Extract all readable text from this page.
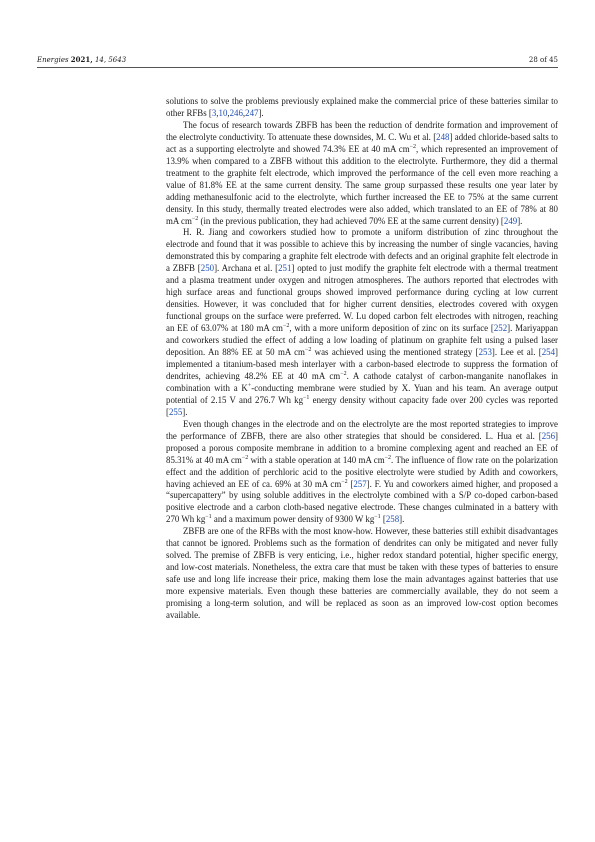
Energies 2021, 14, 5643	28 of 45

solutions to solve the problems previously explained make the commercial price of these batteries similar to other RFBs [3,10,246,247].

The focus of research towards ZBFB has been the reduction of dendrite formation and improvement of the electrolyte conductivity. To attenuate these downsides, M. C. Wu et al. [248] added chloride-based salts to act as a supporting electrolyte and showed 74.3% EE at 40 mA $cm^{-2}$, which represented an improvement of 13.9% when compared to a ZBFB without this addition to the electrolyte. Furthermore, they did a thermal treatment to the graphite felt electrode, which improved the performance of the cell even more reaching a value of 81.8% EE at the same current density. The same group surpassed these results one year later by adding methanesulfonic acid to the electrolyte, which further increased the EE to 75% at the same current density. In this study, thermally treated electrodes were also added, which translated to an EE of 78% at 80 mA $cm^{-2}$ (in the previous publication, they had achieved 70% EE at the same current density) [249].

H. R. Jiang and coworkers studied how to promote a uniform distribution of zinc throughout the electrode and found that it was possible to achieve this by increasing the number of single vacancies, having demonstrated this by comparing a graphite felt electrode with defects and an original graphite felt electrode in a ZBFB [250]. Archana et al. [251] opted to just modify the graphite felt electrode with a thermal treatment and a plasma treatment under oxygen and nitrogen atmospheres. The authors reported that electrodes with high surface areas and functional groups showed improved performance during cycling at low current densities. However, it was concluded that for higher current densities, electrodes covered with oxygen functional groups on the surface were preferred. W. Lu doped carbon felt electrodes with nitrogen, reaching an EE of 63.07% at 180 mA $cm^{-2}$, with a more uniform deposition of zinc on its surface [252]. Mariyappan and coworkers studied the effect of adding a low loading of platinum on graphite felt using a pulsed laser deposition. An 88% EE at 50 mA $cm^{-2}$ was achieved using the mentioned strategy [253]. Lee et al. [254] implemented a titanium-based mesh interlayer with a carbon-based electrode to suppress the formation of dendrites, achieving 48.2% EE at 40 mA $cm^{-2}$. A cathode catalyst of carbon-manganite nanoflakes in combination with a K+-conducting membrane were studied by X. Yuan and his team. An average output potential of 2.15 V and 276.7 Wh $kg^{-1}$ energy density without capacity fade over 200 cycles was reported [255].

Even though changes in the electrode and on the electrolyte are the most reported strategies to improve the performance of ZBFB, there are also other strategies that should be considered. L. Hua et al. [256] proposed a porous composite membrane in addition to a bromine complexing agent and reached an EE of 85.31% at 40 mA $cm^{-2}$ with a stable operation at 140 mA $cm^{-2}$. The influence of flow rate on the polarization effect and the addition of perchloric acid to the positive electrolyte were studied by Adith and coworkers, having achieved an EE of ca. 69% at 30 mA $cm^{-2}$ [257]. F. Yu and coworkers aimed higher, and proposed a “supercapattery” by using soluble additives in the electrolyte combined with a S/P co-doped carbon-based positive electrode and a carbon cloth-based negative electrode. These changes culminated in a battery with 270 Wh $kg^{-1}$ and a maximum power density of 9300 W $kg^{-1}$ [258].

ZBFB are one of the RFBs with the most know-how. However, these batteries still exhibit disadvantages that cannot be ignored. Problems such as the formation of dendrites can only be mitigated and never fully solved. The premise of ZBFB is very enticing, i.e., higher redox standard potential, higher specific energy, and low-cost materials. Nonetheless, the extra care that must be taken with these types of batteries to ensure safe use and long life increase their price, making them lose the main advantages against batteries that use more expensive materials. Even though these batteries are commercially available, they do not seem a promising a long-term solution, and will be replaced as soon as an improved low-cost option becomes available.
